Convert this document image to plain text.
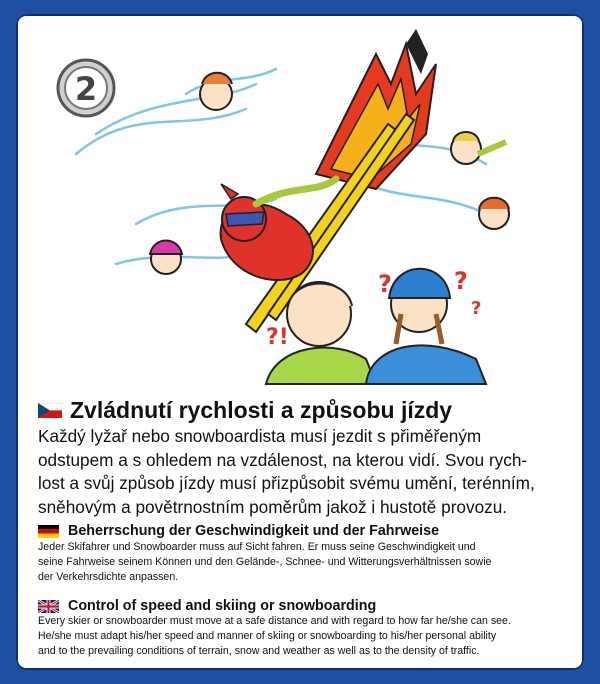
2
?	?
?
?!
Zvládnutí rychlosti a způsobu jízdy
Každý lyžař nebo snowboardista musí jezdit s přiměřeným
odstupem a s ohledem na vzdálenost, na kterou vidí. Svou rych-
lost a svůj způsob jízdy musí přizpůsobit svému umění, terénním,
sněhovým a povětrnostním poměrům jakož i hustotě provozu.
Beherrschung der Geschwindigkeit und der Fahrweise
Jeder Skifahrer und Snowboarder muss auf Sicht fahren. Er muss seine Geschwindigkeit und
seine Fahrweise seinem Können und den Gelände-, Schnee- und Witterungsverhältnissen sowie
der Verkehrsdichte anpassen.
Control of speed and skiing or snowboarding
Every skier or snowboarder must move at a safe distance and with regard to how far he/she can see.
He/she must adapt his/her speed and manner of skiing or snowboarding to his/her personal ability
and to the prevailing conditions of terrain, snow and weather as well as to the density of traffic.
